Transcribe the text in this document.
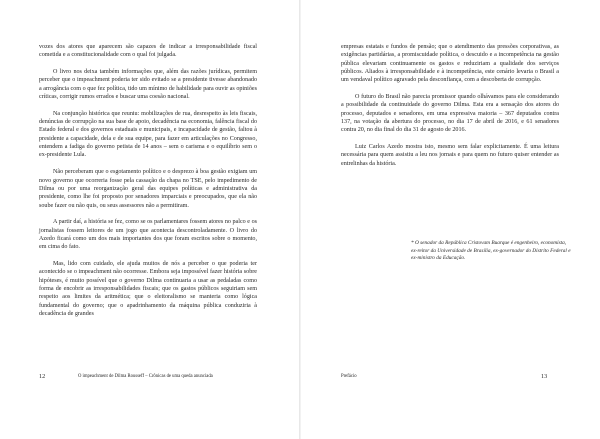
vozes dos atores que aparecem são capazes de indicar a irresponsabilidade fiscal cometida e a constitucionalidade com o qual foi julgada.

O livro nos deixa também informações que, além das razões jurídicas, permitem perceber que o impeachment poderia ter sido evitado se a presidente tivesse abandonado a arrogância com o que fez política, tido um mínimo de habilidade para ouvir as opiniões críticas, corrigir rumos errados e buscar uma coesão nacional.

Na conjunção histórica que reuniu: mobilizações de rua, desrespeito às leis fiscais, denúncias de corrupção na sua base de apoio, decadência na economia, falência fiscal do Estado federal e dos governos estaduais e municipais, e incapacidade de gestão, faltou à presidente a capacidade, dela e de sua equipe, para fazer em articulações no Congresso, entendem a fadiga do governo petista de 14 anos – sem o carisma e o equilíbrio sem o ex-presidente Lula.

Não perceberam que o esgotamento político e o desprezo à boa gestão exigiam um novo governo que ocorreria fosse pela cassação da chapa no TSE, pelo impedimento de Dilma ou por uma reorganização geral das equipes políticas e administrativa da presidente, como lhe foi proposto por senadores imparciais e preocupados, que ela não soube fazer ou não quis, ou seus assessores não a permitiram.

A partir daí, a história se fez, como se os parlamentares fossem atores no palco e os jornalistas fossem leitores de um jogo que acontecia descontroladamente. O livro do Azedo ficará como um dos mais importantes dos que foram escritos sobre o momento, em cima do fato.

Mas, lido com cuidado, ele ajuda muitos de nós a perceber o que poderia ter acontecido se o impeachment não ocorresse. Embora seja impossível fazer história sobre hipóteses, é muito possível que o governo Dilma continuaria a usar as pedaladas como forma de encobrir as irresponsabilidades fiscais; que os gastos públicos seguiriam sem respeito aos limites da aritmética; que o eleitoralismo se manteria como lógica fundamental do governo; que o apadrinhamento da máquina pública conduziria à decadência de grandes

12	O impeachment de Dilma Rousseff – Crônicas de uma queda anunciada

empresas estatais e fundos de pensão; que o atendimento das pressões corporativas, as exigências partidárias, a promiscuidade política, o descuido e a incompetência na gestão pública elevariam continuamente os gastos e reduziriam a qualidade dos serviços públicos. Aliados à irresponsabilidade e à incompetência, este cenário levaria o Brasil a um vendaval político agravado pela desconfiança, com a descoberta de corrupção.

O futuro do Brasil não parecia promissor quando olhávamos para ele considerando a possibilidade da continuidade do governo Dilma. Esta era a sensação dos atores do processo, deputados e senadores, em uma expressiva maioria – 367 deputados contra 137, na votação da abertura do processo, no dia 17 de abril de 2016, e 61 senadores contra 20, no dia final do dia 31 de agosto de 2016.

Luiz Carlos Azedo mostra isto, mesmo sem falar explicitamente. É uma leitura necessária para quem assistiu a leu nos jornais e para quem no futuro quiser entender as entrelinhas da história.

* O senador da República Cristovam Buarque é engenheiro, economista, ex-reitor da Universidade de Brasília, ex-governador do Distrito Federal e ex-ministro da Educação.
Prefácio	13
